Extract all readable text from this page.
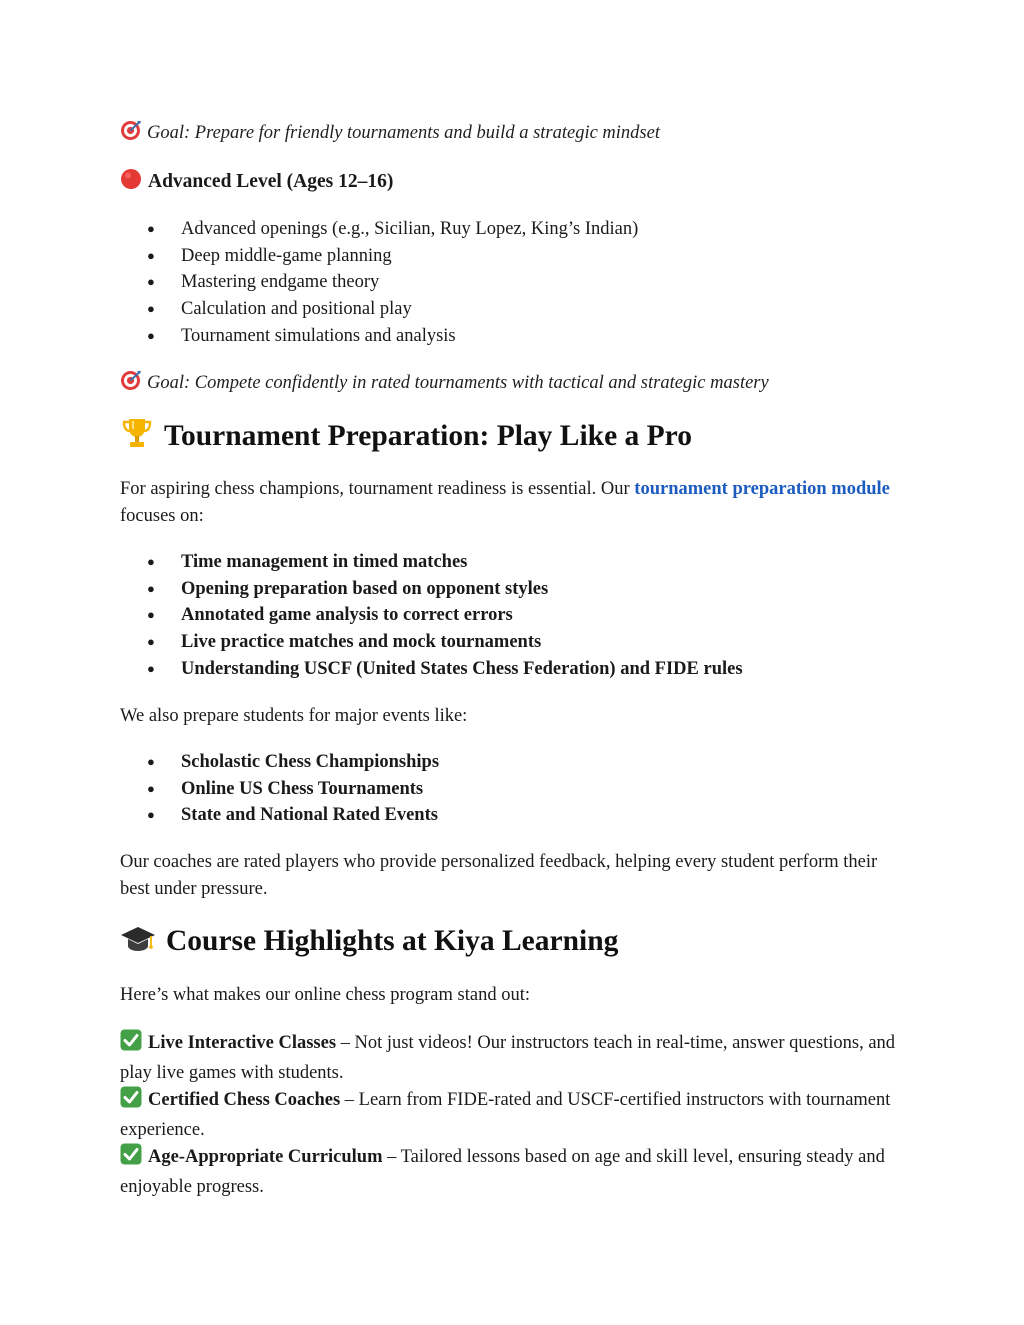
Goal: Prepare for friendly tournaments and build a strategic mindset

Advanced Level (Ages 12–16)

● Advanced openings (e.g., Sicilian, Ruy Lopez, King’s Indian)
● Deep middle-game planning
● Mastering endgame theory
● Calculation and positional play
● Tournament simulations and analysis

Goal: Compete confidently in rated tournaments with tactical and strategic mastery

Tournament Preparation: Play Like a Pro

For aspiring chess champions, tournament readiness is essential. Our tournament preparation module focuses on:

● Time management in timed matches
● Opening preparation based on opponent styles
● Annotated game analysis to correct errors
● Live practice matches and mock tournaments
● Understanding USCF (United States Chess Federation) and FIDE rules

We also prepare students for major events like:

● Scholastic Chess Championships
● Online US Chess Tournaments
● State and National Rated Events

Our coaches are rated players who provide personalized feedback, helping every student perform their best under pressure.

Course Highlights at Kiya Learning

Here’s what makes our online chess program stand out:

Live Interactive Classes – Not just videos! Our instructors teach in real-time, answer questions, and play live games with students.
Certified Chess Coaches – Learn from FIDE-rated and USCF-certified instructors with tournament experience.
Age-Appropriate Curriculum – Tailored lessons based on age and skill level, ensuring steady and enjoyable progress.
